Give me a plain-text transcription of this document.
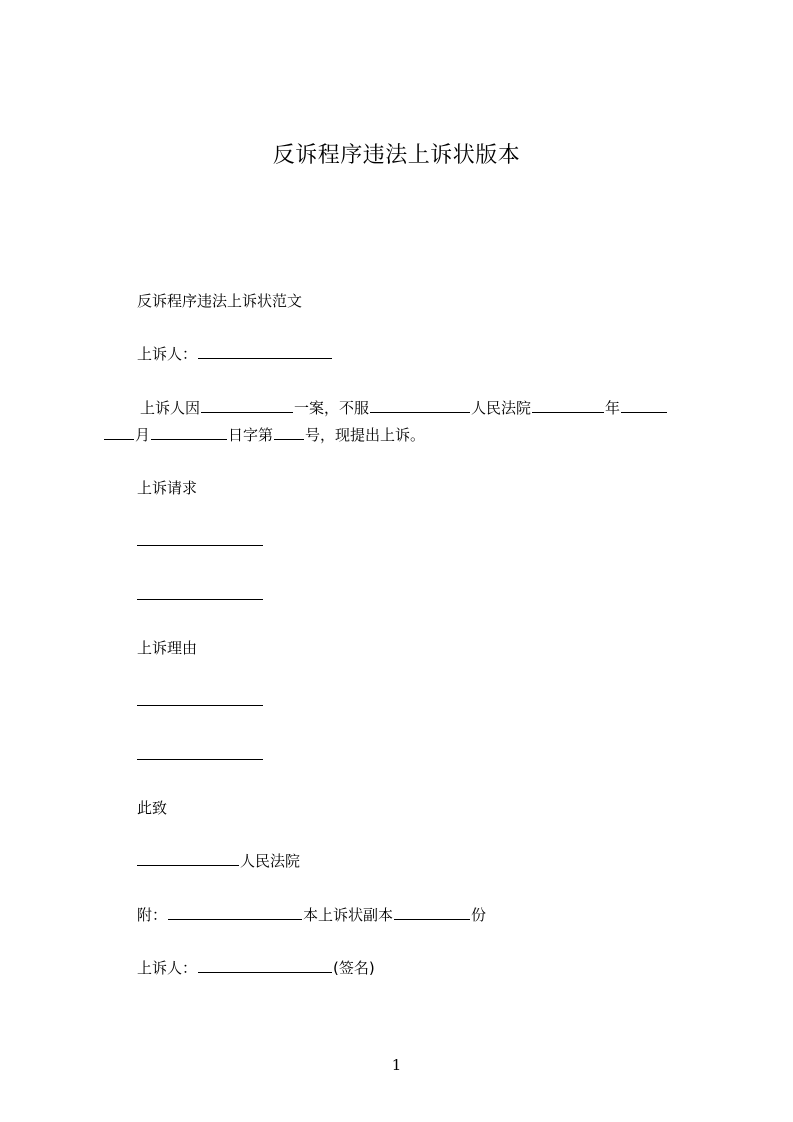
反诉程序违法上诉状版本
反诉程序违法上诉状范文
上诉人：
上诉人因	一案，不服	人民法院	年
月	日字第 号，现提出上诉。
上诉请求
上诉理由
此致
人民法院
附：	本上诉状副本	份
上诉人：	(签名)
1
